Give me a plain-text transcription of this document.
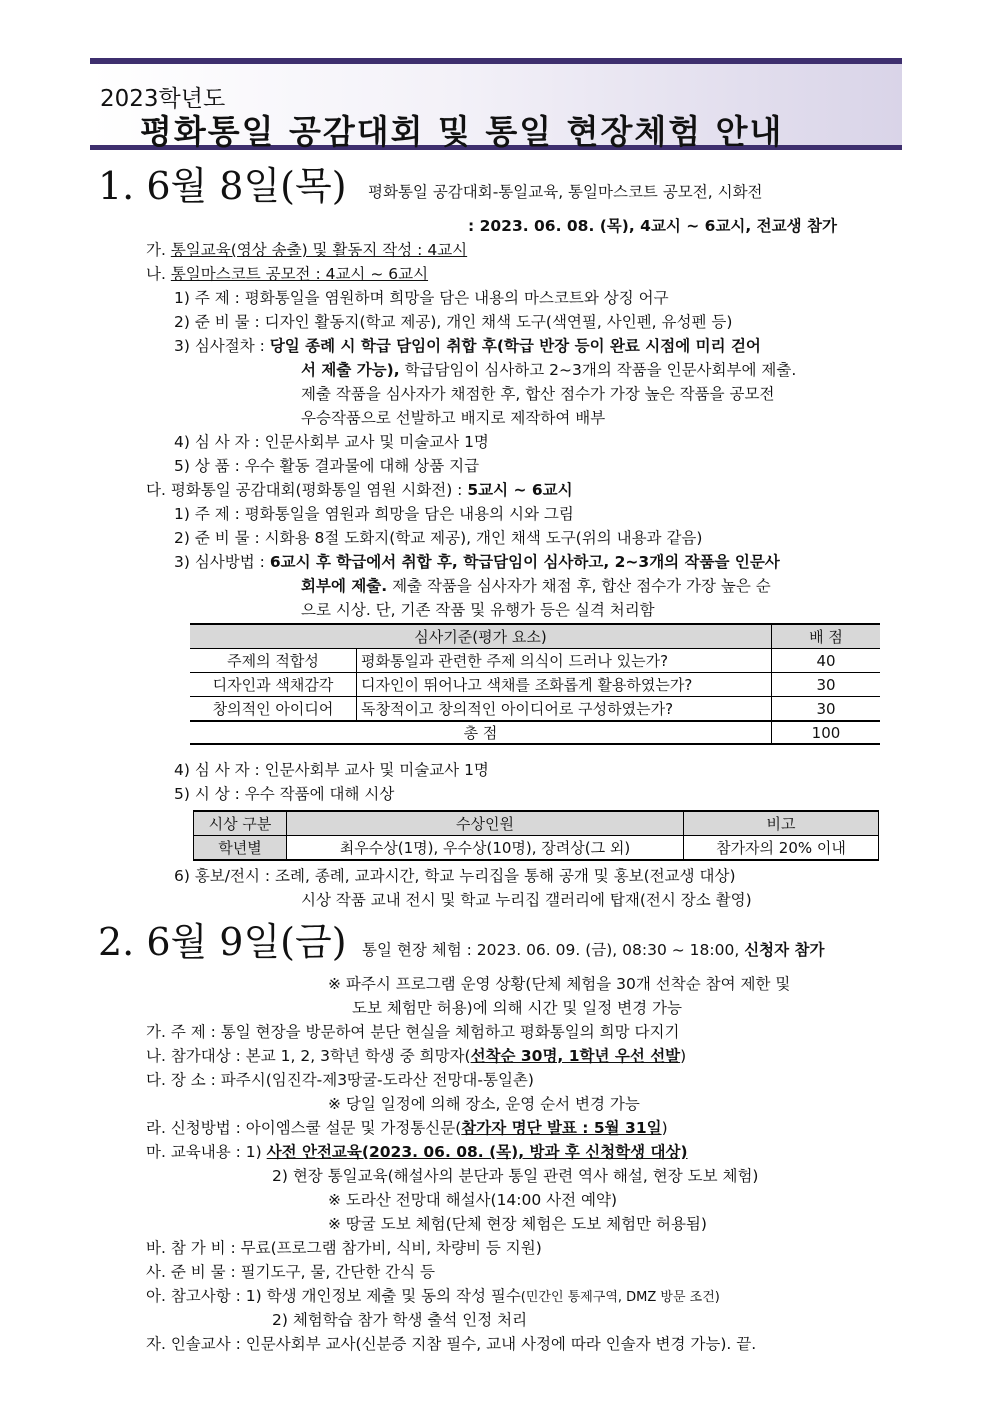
2023학년도
평화통일 공감대회 및 통일 현장체험 안내
1. 6월 8일(목) 평화통일 공감대회-통일교육, 통일마스코트 공모전, 시화전
: 2023. 06. 08. (목), 4교시 ~ 6교시, 전교생 참가
가. 통일교육(영상 송출) 및 활동지 작성 : 4교시
나. 통일마스코트 공모전 : 4교시 ~ 6교시
1) 주 제 : 평화통일을 염원하며 희망을 담은 내용의 마스코트와 상징 어구
2) 준 비 물 : 디자인 활동지(학교 제공), 개인 채색 도구(색연필, 사인펜, 유성펜 등)
3) 심사절차 : 당일 종례 시 학급 담임이 취합 후(학급 반장 등이 완료 시점에 미리 걷어
서 제출 가능), 학급담임이 심사하고 2~3개의 작품을 인문사회부에 제출.
제출 작품을 심사자가 채점한 후, 합산 점수가 가장 높은 작품을 공모전
우승작품으로 선발하고 배지로 제작하여 배부
4) 심 사 자 : 인문사회부 교사 및 미술교사 1명
5) 상 품 : 우수 활동 결과물에 대해 상품 지급
다. 평화통일 공감대회(평화통일 염원 시화전) : 5교시 ~ 6교시
1) 주 제 : 평화통일을 염원과 희망을 담은 내용의 시와 그림
2) 준 비 물 : 시화용 8절 도화지(학교 제공), 개인 채색 도구(위의 내용과 같음)
3) 심사방법 : 6교시 후 학급에서 취합 후, 학급담임이 심사하고, 2~3개의 작품을 인문사
회부에 제출. 제출 작품을 심사자가 채점 후, 합산 점수가 가장 높은 순
으로 시상. 단, 기존 작품 및 유행가 등은 실격 처리함
심사기준(평가 요소)		배 점
주제의 적합성	평화통일과 관련한 주제 의식이 드러나 있는가?	40
디자인과 색채감각	디자인이 뛰어나고 색채를 조화롭게 활용하였는가?	30
창의적인 아이디어	독창적이고 창의적인 아이디어로 구성하였는가?	30
총 점		100
4) 심 사 자 : 인문사회부 교사 및 미술교사 1명
5) 시 상 : 우수 작품에 대해 시상
시상 구분	수상인원	비고
학년별	최우수상(1명), 우수상(10명), 장려상(그 외)	참가자의 20% 이내
6) 홍보/전시 : 조례, 종례, 교과시간, 학교 누리집을 통해 공개 및 홍보(전교생 대상)
시상 작품 교내 전시 및 학교 누리집 갤러리에 탑재(전시 장소 촬영)
2. 6월 9일(금) 통일 현장 체험 : 2023. 06. 09. (금), 08:30 ~ 18:00, 신청자 참가
※ 파주시 프로그램 운영 상황(단체 체험을 30개 선착순 참여 제한 및
도보 체험만 허용)에 의해 시간 및 일정 변경 가능
가. 주 제 : 통일 현장을 방문하여 분단 현실을 체험하고 평화통일의 희망 다지기
나. 참가대상 : 본교 1, 2, 3학년 학생 중 희망자(선착순 30명, 1학년 우선 선발)
다. 장 소 : 파주시(임진각-제3땅굴-도라산 전망대-통일촌)
※ 당일 일정에 의해 장소, 운영 순서 변경 가능
라. 신청방법 : 아이엠스쿨 설문 및 가정통신문(참가자 명단 발표 : 5월 31일)
마. 교육내용 : 1) 사전 안전교육(2023. 06. 08. (목), 방과 후 신청학생 대상)
2) 현장 통일교육(해설사의 분단과 통일 관련 역사 해설, 현장 도보 체험)
※ 도라산 전망대 해설사(14:00 사전 예약)
※ 땅굴 도보 체험(단체 현장 체험은 도보 체험만 허용됨)
바. 참 가 비 : 무료(프로그램 참가비, 식비, 차량비 등 지원)
사. 준 비 물 : 필기도구, 물, 간단한 간식 등
아. 참고사항 : 1) 학생 개인정보 제출 및 동의 작성 필수(민간인 통제구역, DMZ 방문 조건)
2) 체험학습 참가 학생 출석 인정 처리
자. 인솔교사 : 인문사회부 교사(신분증 지참 필수, 교내 사정에 따라 인솔자 변경 가능). 끝.
